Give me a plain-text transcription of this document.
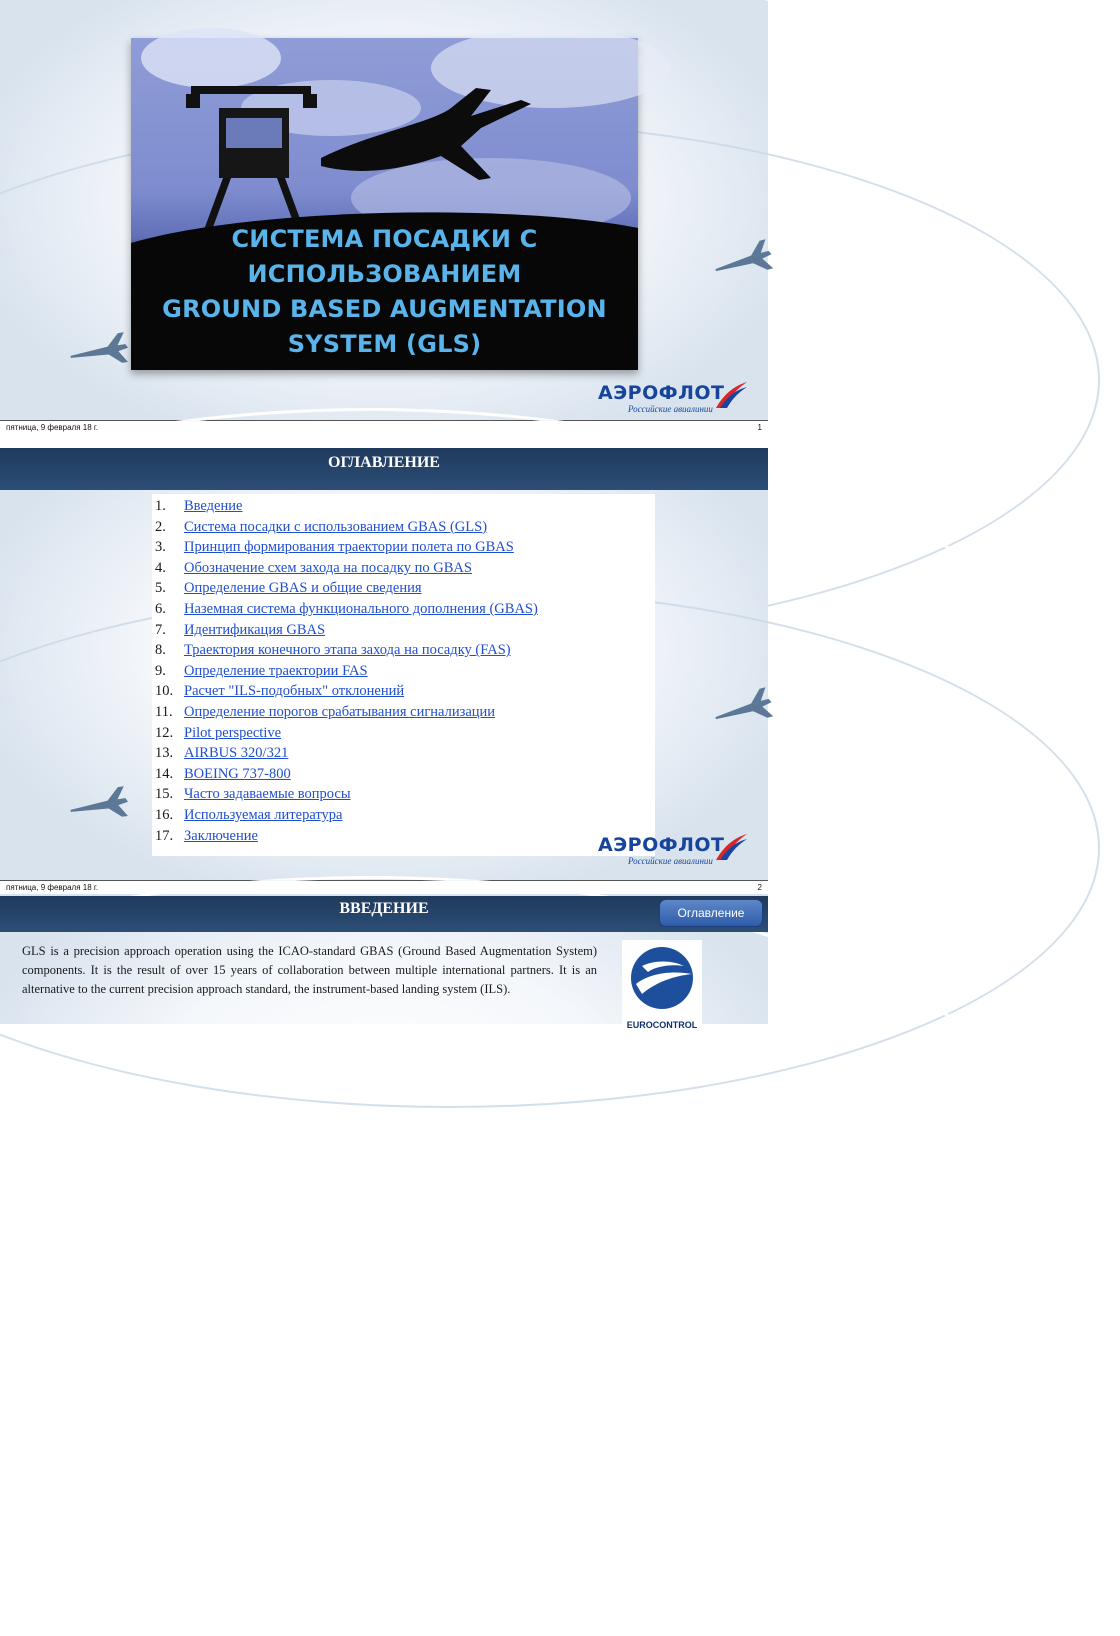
СИСТЕМА ПОСАДКИ С
ИСПОЛЬЗОВАНИЕМ
GROUND BASED AUGMENTATION
SYSTEM (GLS)
АЭРОФЛОТ
Российские авиалинии
пятница, 9 февраля 18 г.	1
ОГЛАВЛЕНИЕ
1. Введение
2. Система посадки с использованием GBAS (GLS)
3. Принцип формирования траектории полета по GBAS
4. Обозначение схем захода на посадку по GBAS
5. Определение GBAS и общие сведения
6. Наземная система функционального дополнения (GBAS)
7. Идентификация GBAS
8. Траектория конечного этапа захода на посадку (FAS)
9. Определение траектории FAS
10. Расчет "ILS-подобных" отклонений
11. Определение порогов срабатывания сигнализации
12. Pilot perspective
13. AIRBUS 320/321
14. BOEING 737-800
15. Часто задаваемые вопросы
16. Используемая литература
17. Заключение	АЭРОФЛОТ
Российские авиалинии
пятница, 9 февраля 18 г.	2
ВВЕДЕНИЕ	Оглавление
GLS is a precision approach operation using the ICAO-standard GBAS (Ground Based Augmentation System) components. It is the result of over 15 years of collaboration between multiple international partners. It is an alternative to the current precision approach standard, the instrument-based landing system (ILS).
EUROCONTROL
